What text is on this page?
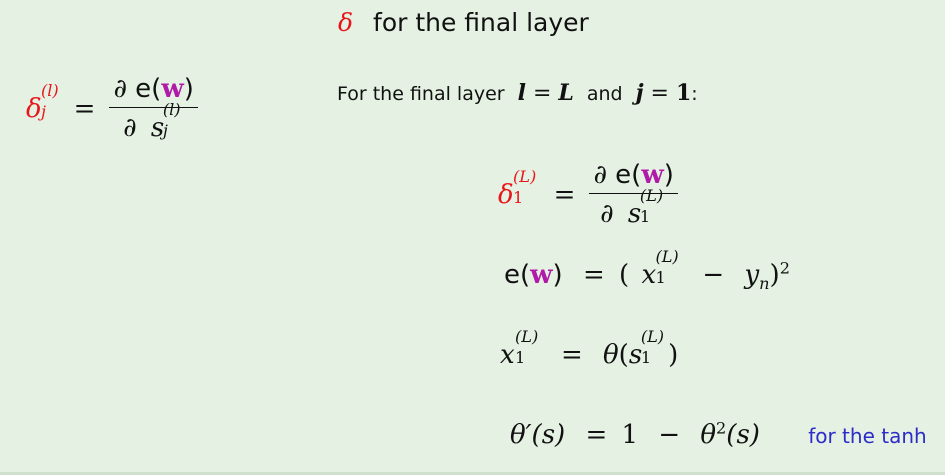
δ for the final layer
δ
(l)
j = ∂ e(w)
∂ s
(l)
j	For the final layer l = L and j = 1:
δ
(L)
1 = ∂ e(w)
∂ s
(L)
1
e(w) = ( x
(L)
$1 - y_n)^2$
x
(L)
1 = θ(s
(L)
1 )
$\theta'(s) = 1 - \theta^2(s)$ for the tanh
